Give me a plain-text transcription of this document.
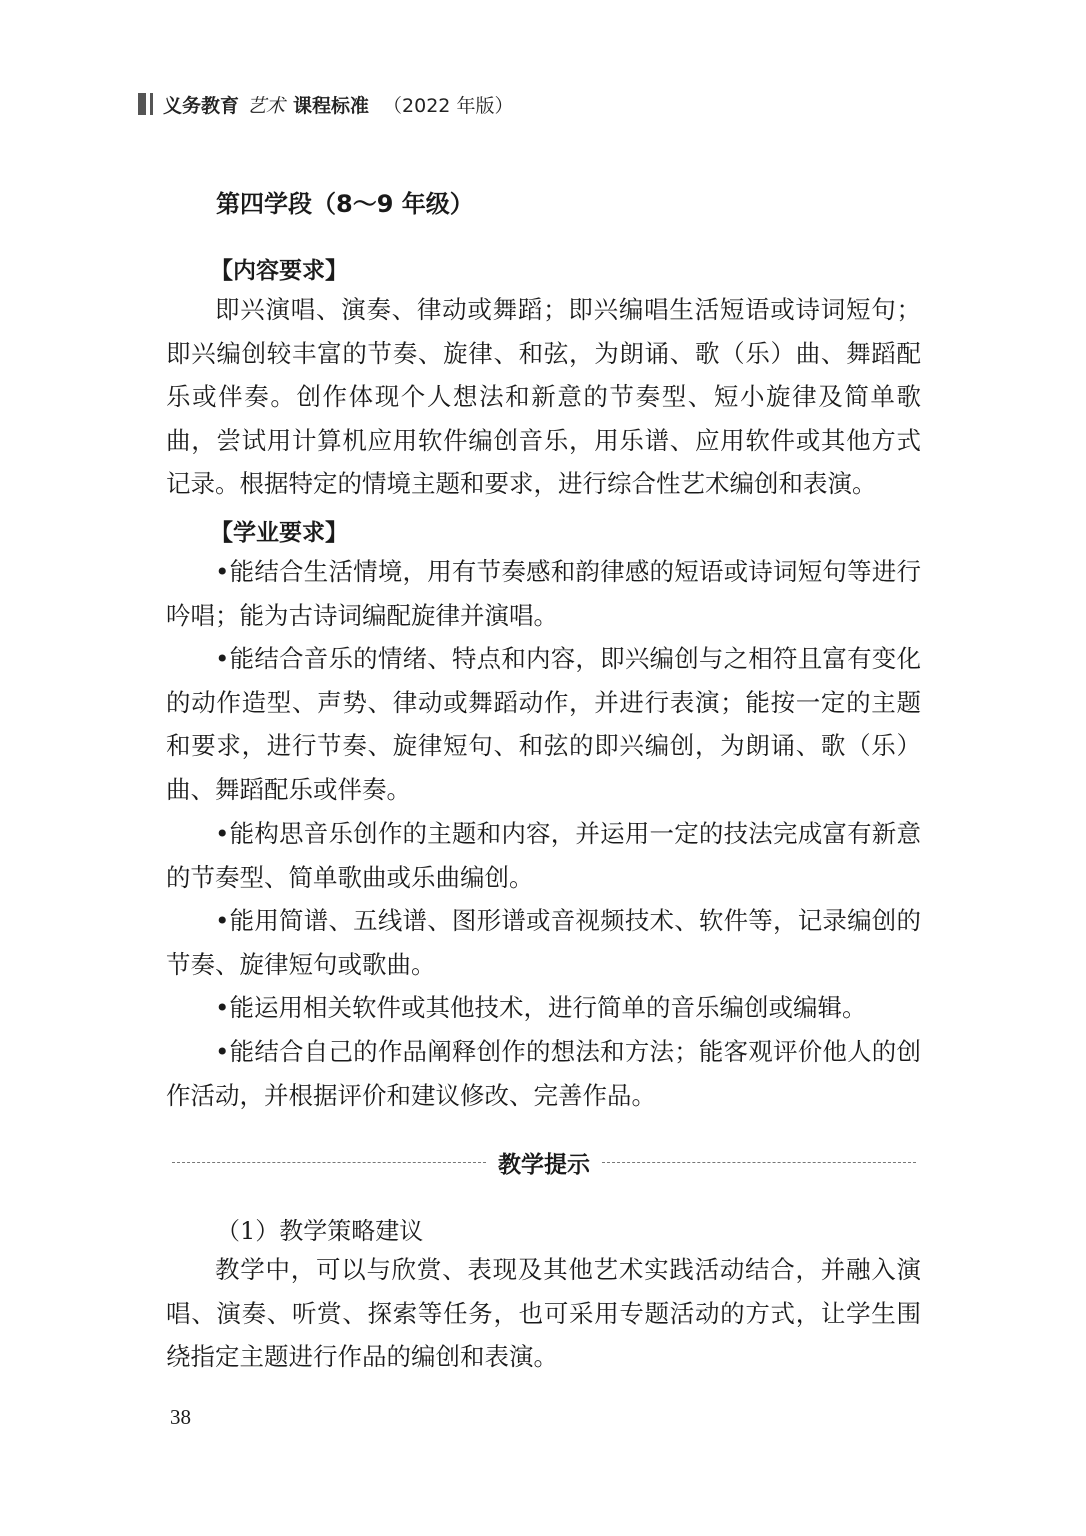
义务教育 艺术 课程标准 （2022 年版）
第四学段（8～9 年级）
【内容要求】

即兴演唱、演奏、律动或舞蹈；即兴编唱生活短语或诗词短句；即兴编创较丰富的节奏、旋律、和弦，为朗诵、歌（乐）曲、舞蹈配乐或伴奏。创作体现个人想法和新意的节奏型、短小旋律及简单歌曲，尝试用计算机应用软件编创音乐，用乐谱、应用软件或其他方式记录。根据特定的情境主题和要求，进行综合性艺术编创和表演。

【学业要求】

•能结合生活情境，用有节奏感和韵律感的短语或诗词短句等进行吟唱；能为古诗词编配旋律并演唱。

•能结合音乐的情绪、特点和内容，即兴编创与之相符且富有变化的动作造型、声势、律动或舞蹈动作，并进行表演；能按一定的主题和要求，进行节奏、旋律短句、和弦的即兴编创，为朗诵、歌（乐）曲、舞蹈配乐或伴奏。

•能构思音乐创作的主题和内容，并运用一定的技法完成富有新意的节奏型、简单歌曲或乐曲编创。

•能用简谱、五线谱、图形谱或音视频技术、软件等，记录编创的节奏、旋律短句或歌曲。

•能运用相关软件或其他技术，进行简单的音乐编创或编辑。

•能结合自己的作品阐释创作的想法和方法；能客观评价他人的创作活动，并根据评价和建议修改、完善作品。

教学提示
（1）教学策略建议

教学中，可以与欣赏、表现及其他艺术实践活动结合，并融入演唱、演奏、听赏、探索等任务，也可采用专题活动的方式，让学生围绕指定主题进行作品的编创和表演。

38
